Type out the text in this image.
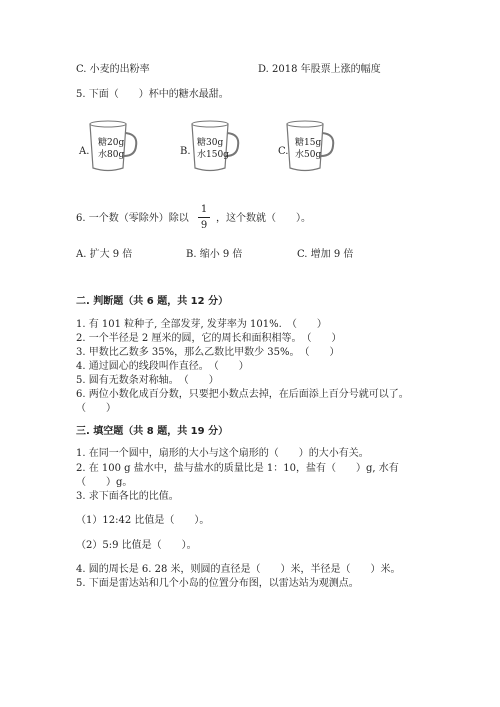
C. 小麦的出粉率	D. 2018 年股票上涨的幅度
5. 下面（　　）杯中的糖水最甜。
A.
糖20g
水80g	B.
糖30g
水150g	C.
糖15g
水50g
6. 一个数（零除外）除以
1
9
，这个数就（　　）。
A. 扩大 9 倍	B. 缩小 9 倍	C. 增加 9 倍
二. 判断题（共 6 题，共 12 分）
1. 有 101 粒种子, 全部发芽, 发芽率为 101%.　（　　）
2. 一个半径是 2 厘米的圆，它的周长和面积相等。　（　　）
3. 甲数比乙数多 35%，那么乙数比甲数少 35%。　（　　）
4. 通过圆心的线段叫作直径。　（　　）
5. 圆有无数条对称轴。　（　　）
6. 两位小数化成百分数，只要把小数点去掉，在后面添上百分号就可以了。
（　　）
三. 填空题（共 8 题，共 19 分）
1. 在同一个圆中，扇形的大小与这个扇形的（　　）的大小有关。
2. 在 100 g 盐水中，盐与盐水的质量比是 1：10，盐有（　　）g, 水有
（　　）g。
3. 求下面各比的比值。
（1）12:42 比值是（　　）。
（2）5:9 比值是（　　）。
4. 圆的周长是 6. 28 米，则圆的直径是（　　）米，半径是（　　）米。
5. 下面是雷达站和几个小岛的位置分布图，以雷达站为观测点。
